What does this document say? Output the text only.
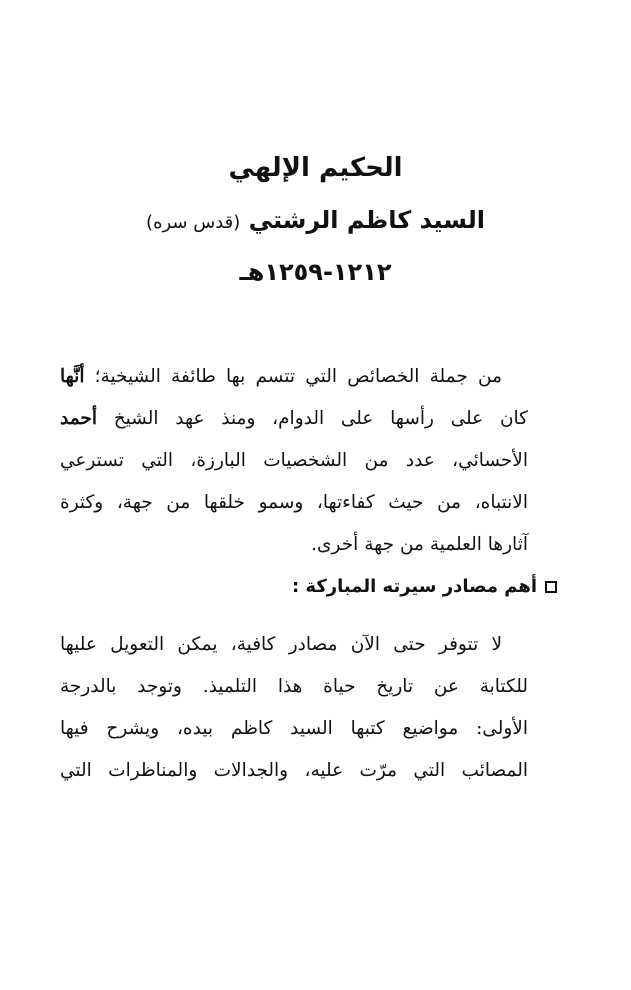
الحكيم الإلهي
السيد كاظم الرشتي (قدس سره)
١٢١٢-١٢٥٩هـ
من جملة الخصائص التي تتسم بها طائفة الشيخية؛ أنَّها
كان على رأسها على الدوام، ومنذ عهد الشيخ أحمد
الأحسائي، عدد من الشخصيات البارزة، التي تسترعي
الانتباه، من حيث كفاءتها، وسمو خلقها من جهة، وكثرة
آثارها العلمية من جهة أخرى.
أهم مصادر سيرته المباركة :
لا تتوفر حتى الآن مصادر كافية، يمكن التعويل عليها
للكتابة عن تاريخ حياة هذا التلميذ. وتوجد بالدرجة
الأولى: مواضيع كتبها السيد كاظم بيده، ويشرح فيها
المصائب التي مرّت عليه، والجدالات والمناظرات التي
